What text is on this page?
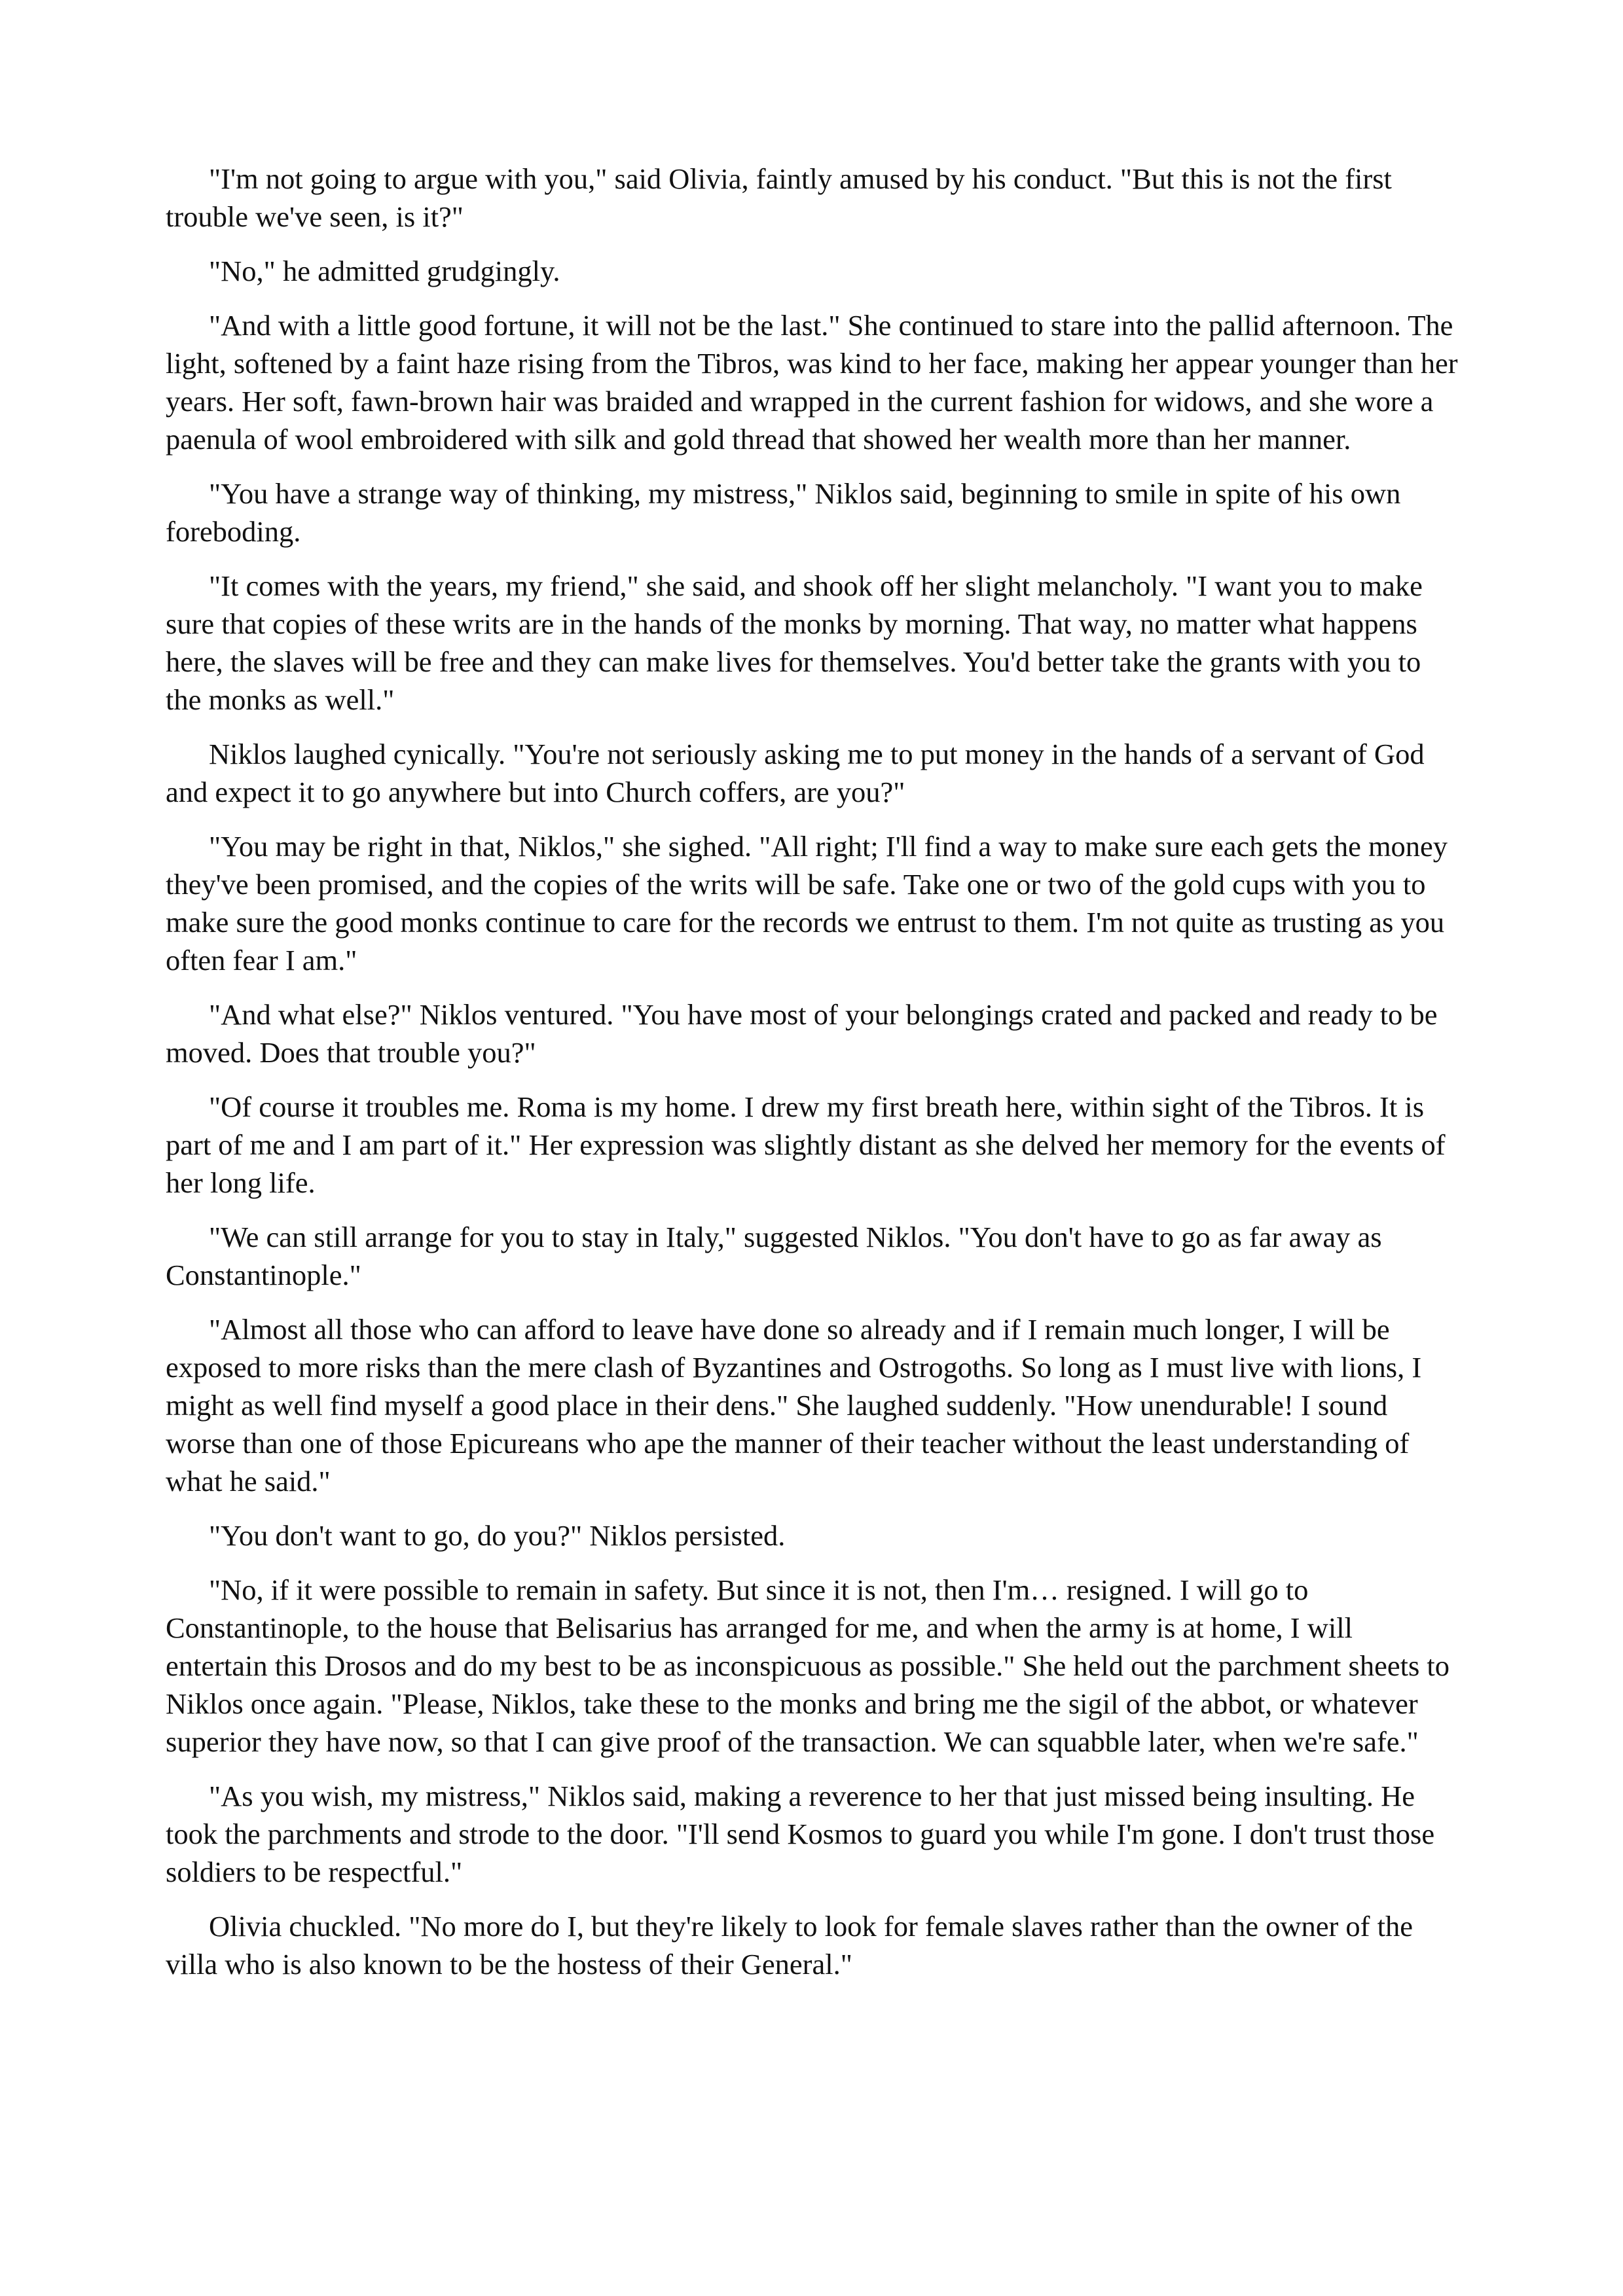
"I'm not going to argue with you," said Olivia, faintly amused by his conduct. "But this is not the first trouble we've seen, is it?"

"No," he admitted grudgingly.

"And with a little good fortune, it will not be the last." She continued to stare into the pallid afternoon. The light, softened by a faint haze rising from the Tibros, was kind to her face, making her appear younger than her years. Her soft, fawn-brown hair was braided and wrapped in the current fashion for widows, and she wore a paenula of wool embroidered with silk and gold thread that showed her wealth more than her manner.

"You have a strange way of thinking, my mistress," Niklos said, beginning to smile in spite of his own foreboding.

"It comes with the years, my friend," she said, and shook off her slight melancholy. "I want you to make sure that copies of these writs are in the hands of the monks by morning. That way, no matter what happens here, the slaves will be free and they can make lives for themselves. You'd better take the grants with you to the monks as well."

Niklos laughed cynically. "You're not seriously asking me to put money in the hands of a servant of God and expect it to go anywhere but into Church coffers, are you?"

"You may be right in that, Niklos," she sighed. "All right; I'll find a way to make sure each gets the money they've been promised, and the copies of the writs will be safe. Take one or two of the gold cups with you to make sure the good monks continue to care for the records we entrust to them. I'm not quite as trusting as you often fear I am."

"And what else?" Niklos ventured. "You have most of your belongings crated and packed and ready to be moved. Does that trouble you?"

"Of course it troubles me. Roma is my home. I drew my first breath here, within sight of the Tibros. It is part of me and I am part of it." Her expression was slightly distant as she delved her memory for the events of her long life.

"We can still arrange for you to stay in Italy," suggested Niklos. "You don't have to go as far away as Constantinople."

"Almost all those who can afford to leave have done so already and if I remain much longer, I will be exposed to more risks than the mere clash of Byzantines and Ostrogoths. So long as I must live with lions, I might as well find myself a good place in their dens." She laughed suddenly. "How unendurable! I sound worse than one of those Epicureans who ape the manner of their teacher without the least understanding of what he said."

"You don't want to go, do you?" Niklos persisted.

"No, if it were possible to remain in safety. But since it is not, then I'm… resigned. I will go to Constantinople, to the house that Belisarius has arranged for me, and when the army is at home, I will entertain this Drosos and do my best to be as inconspicuous as possible." She held out the parchment sheets to Niklos once again. "Please, Niklos, take these to the monks and bring me the sigil of the abbot, or whatever superior they have now, so that I can give proof of the transaction. We can squabble later, when we're safe."

"As you wish, my mistress," Niklos said, making a reverence to her that just missed being insulting. He took the parchments and strode to the door. "I'll send Kosmos to guard you while I'm gone. I don't trust those soldiers to be respectful."

Olivia chuckled. "No more do I, but they're likely to look for female slaves rather than the owner of the villa who is also known to be the hostess of their General."
